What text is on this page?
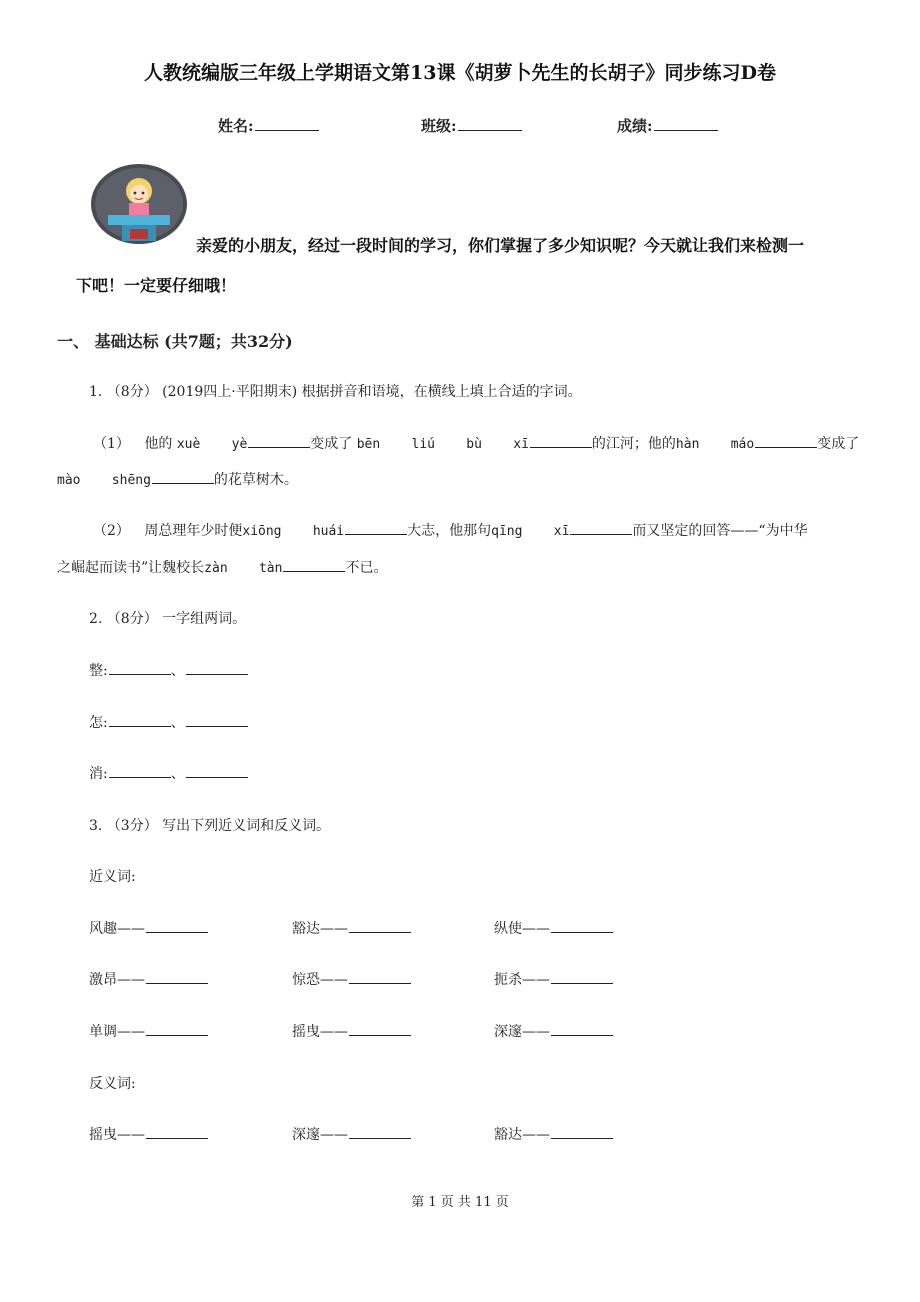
人教统编版三年级上学期语文第13课《胡萝卜先生的长胡子》同步练习D卷
姓名:	班级:	成绩:
亲爱的小朋友，经过一段时间的学习，你们掌握了多少知识呢？今天就让我们来检测一
下吧！一定要仔细哦！
一、 基础达标 (共7题；共32分)
1. （8分） (2019四上·平阳期末) 根据拼音和语境，在横线上填上合适的字词。
（1） 他的 xuè    yè	变成了 bēn    liú    bù    xī	的江河；他的hàn    máo	变成了
mào    shēng	的花草树木。
（2） 周总理年少时便xiōng    huái	大志，他那句qīng    xī	而又坚定的回答——“为中华
之崛起而读书”让魏校长zàn    tàn	不已。
2. （8分） 一字组两词。
整:	、
怎:	、
消:	、
3. （3分） 写出下列近义词和反义词。
近义词:
风趣——	豁达——	纵使——
激昂——	惊恐——	扼杀——
单调——	摇曳——	深邃——
反义词:
摇曳——	深邃——	豁达——
第 1 页 共 11 页
